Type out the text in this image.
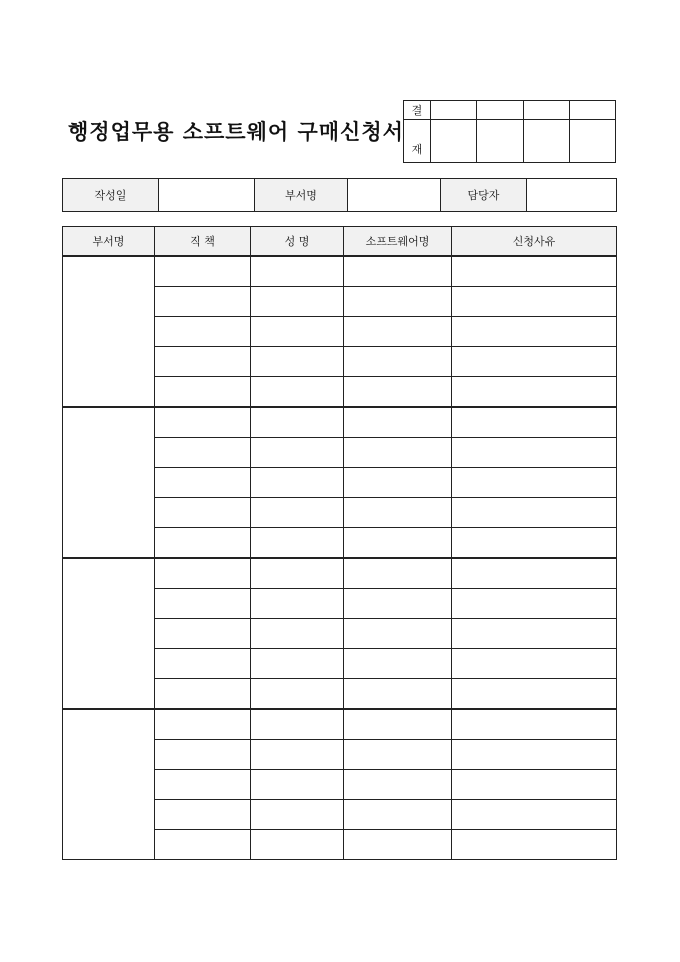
행정업무용 소프트웨어 구매신청서
결				
재				
작성일		부서명		담당자	
부서명	직 책	성 명	소프트웨어명	신청사유
